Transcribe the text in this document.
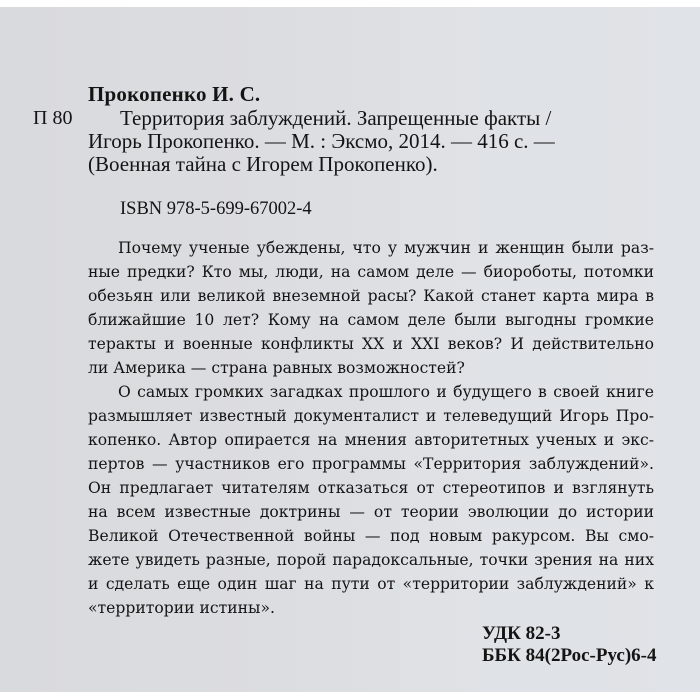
Прокопенко И. С.
П 80	Территория заблуждений. Запрещенные факты /
Игорь Прокопенко. — М. : Эксмо, 2014. — 416 с. —
(Военная тайна с Игорем Прокопенко).
ISBN 978-5-699-67002-4
Почему ученые убеждены, что у мужчин и женщин были раз-
ные предки? Кто мы, люди, на самом деле — биороботы, потомки
обезьян или великой внеземной расы? Какой станет карта мира в
ближайшие 10 лет? Кому на самом деле были выгодны громкие
теракты и военные конфликты XX и XXI веков? И действительно
ли Америка — страна равных возможностей?
О самых громких загадках прошлого и будущего в своей книге
размышляет известный документалист и телеведущий Игорь Про-
копенко. Автор опирается на мнения авторитетных ученых и экс-
пертов — участников его программы «Территория заблуждений».
Он предлагает читателям отказаться от стереотипов и взглянуть
на всем известные доктрины — от теории эволюции до истории
Великой Отечественной войны — под новым ракурсом. Вы смо-
жете увидеть разные, порой парадоксальные, точки зрения на них
и сделать еще один шаг на пути от «территории заблуждений» к
«территории истины».
УДК 82-3
ББК 84(2Рос-Рус)6-4
